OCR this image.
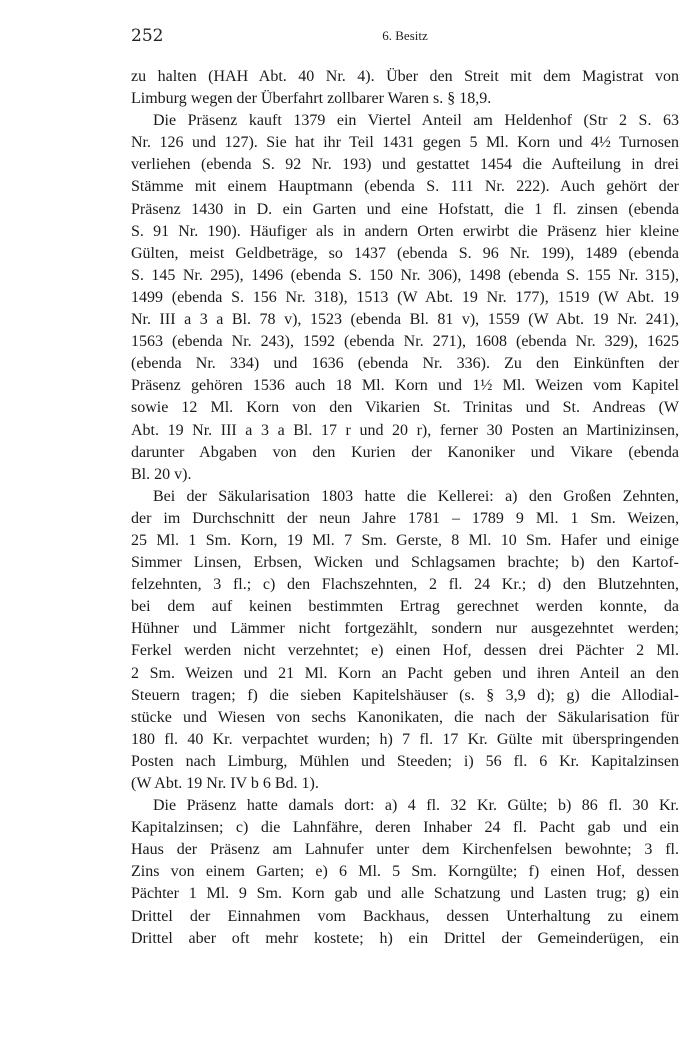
252	6. Besitz
zu halten (HAH Abt. 40 Nr. 4). Über den Streit mit dem Magistrat von
Limburg wegen der Überfahrt zollbarer Waren s. § 18,9.
Die Präsenz kauft 1379 ein Viertel Anteil am Heldenhof (Str 2 S. 63
Nr. 126 und 127). Sie hat ihr Teil 1431 gegen 5 Ml. Korn und 4½ Turnosen
verliehen (ebenda S. 92 Nr. 193) und gestattet 1454 die Aufteilung in drei
Stämme mit einem Hauptmann (ebenda S. 111 Nr. 222). Auch gehört der
Präsenz 1430 in D. ein Garten und eine Hofstatt, die 1 fl. zinsen (ebenda
S. 91 Nr. 190). Häufiger als in andern Orten erwirbt die Präsenz hier kleine
Gülten, meist Geldbeträge, so 1437 (ebenda S. 96 Nr. 199), 1489 (ebenda
S. 145 Nr. 295), 1496 (ebenda S. 150 Nr. 306), 1498 (ebenda S. 155 Nr. 315),
1499 (ebenda S. 156 Nr. 318), 1513 (W Abt. 19 Nr. 177), 1519 (W Abt. 19
Nr. III a 3 a Bl. 78 v), 1523 (ebenda Bl. 81 v), 1559 (W Abt. 19 Nr. 241),
1563 (ebenda Nr. 243), 1592 (ebenda Nr. 271), 1608 (ebenda Nr. 329), 1625
(ebenda Nr. 334) und 1636 (ebenda Nr. 336). Zu den Einkünften der
Präsenz gehören 1536 auch 18 Ml. Korn und 1½ Ml. Weizen vom Kapitel
sowie 12 Ml. Korn von den Vikarien St. Trinitas und St. Andreas (W
Abt. 19 Nr. III a 3 a Bl. 17 r und 20 r), ferner 30 Posten an Martinizinsen,
darunter Abgaben von den Kurien der Kanoniker und Vikare (ebenda
Bl. 20 v).
Bei der Säkularisation 1803 hatte die Kellerei: a) den Großen Zehnten,
der im Durchschnitt der neun Jahre 1781 – 1789 9 Ml. 1 Sm. Weizen,
25 Ml. 1 Sm. Korn, 19 Ml. 7 Sm. Gerste, 8 Ml. 10 Sm. Hafer und einige
Simmer Linsen, Erbsen, Wicken und Schlagsamen brachte; b) den Kartof-
felzehnten, 3 fl.; c) den Flachszehnten, 2 fl. 24 Kr.; d) den Blutzehnten,
bei dem auf keinen bestimmten Ertrag gerechnet werden konnte, da
Hühner und Lämmer nicht fortgezählt, sondern nur ausgezehntet werden;
Ferkel werden nicht verzehntet; e) einen Hof, dessen drei Pächter 2 Ml.
2 Sm. Weizen und 21 Ml. Korn an Pacht geben und ihren Anteil an den
Steuern tragen; f) die sieben Kapitelshäuser (s. § 3,9 d); g) die Allodial-
stücke und Wiesen von sechs Kanonikaten, die nach der Säkularisation für
180 fl. 40 Kr. verpachtet wurden; h) 7 fl. 17 Kr. Gülte mit überspringenden
Posten nach Limburg, Mühlen und Steeden; i) 56 fl. 6 Kr. Kapitalzinsen
(W Abt. 19 Nr. IV b 6 Bd. 1).
Die Präsenz hatte damals dort: a) 4 fl. 32 Kr. Gülte; b) 86 fl. 30 Kr.
Kapitalzinsen; c) die Lahnfähre, deren Inhaber 24 fl. Pacht gab und ein
Haus der Präsenz am Lahnufer unter dem Kirchenfelsen bewohnte; 3 fl.
Zins von einem Garten; e) 6 Ml. 5 Sm. Korngülte; f) einen Hof, dessen
Pächter 1 Ml. 9 Sm. Korn gab und alle Schatzung und Lasten trug; g) ein
Drittel der Einnahmen vom Backhaus, dessen Unterhaltung zu einem
Drittel aber oft mehr kostete; h) ein Drittel der Gemeinderügen, ein
